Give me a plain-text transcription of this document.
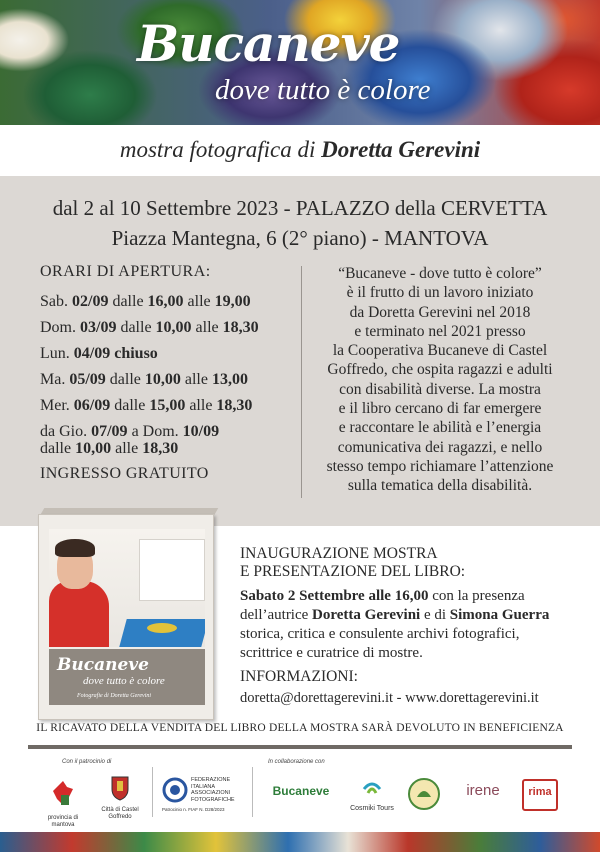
Bucaneve
dove tutto è colore
mostra fotografica di Doretta Gerevini
dal 2 al 10 Settembre 2023 - PALAZZO della CERVETTA
Piazza Mantegna, 6 (2° piano) - MANTOVA
ORARI DI APERTURA:
Sab. 02/09 dalle 16,00 alle 19,00
Dom. 03/09 dalle 10,00 alle 18,30
Lun. 04/09 chiuso
Ma. 05/09 dalle 10,00 alle 13,00
Mer. 06/09 dalle 15,00 alle 18,30
da Gio. 07/09 a Dom. 10/09
dalle 10,00 alle 18,30
INGRESSO GRATUITO
“Bucaneve - dove tutto è colore”
è il frutto di un lavoro iniziato
da Doretta Gerevini nel 2018
e terminato nel 2021 presso
la Cooperativa Bucaneve di Castel
Goffredo, che ospita ragazzi e adulti
con disabilità diverse. La mostra
e il libro cercano di far emergere
e raccontare le abilità e l’energia
comunicativa dei ragazzi, e nello
stesso tempo richiamare l’attenzione
sulla tematica della disabilità.
Bucaneve
dove tutto è colore
Fotografie di Doretta Gerevini
INAUGURAZIONE MOSTRA
E PRESENTAZIONE DEL LIBRO:
Sabato 2 Settembre alle 16,00 con la presenza
dell’autrice Doretta Gerevini e di Simona Guerra
storica, critica e consulente archivi fotografici,
scrittrice e curatrice di mostre.
INFORMAZIONI:
doretta@dorettagerevini.it - www.dorettagerevini.it
IL RICAVATO DELLA VENDITA DEL LIBRO DELLA MOSTRA SARÀ DEVOLUTO IN BENEFICIENZA
Con il patrocinio di	In collaborazione con
provincia di mantova
Città di Castel Goffredo
FEDERAZIONE ITALIANA ASSOCIAZIONI FOTOGRAFICHE
Patrocinio n. FIAF N. D28/2023
Bucaneve
Cosmiki Tours
irene	rima
